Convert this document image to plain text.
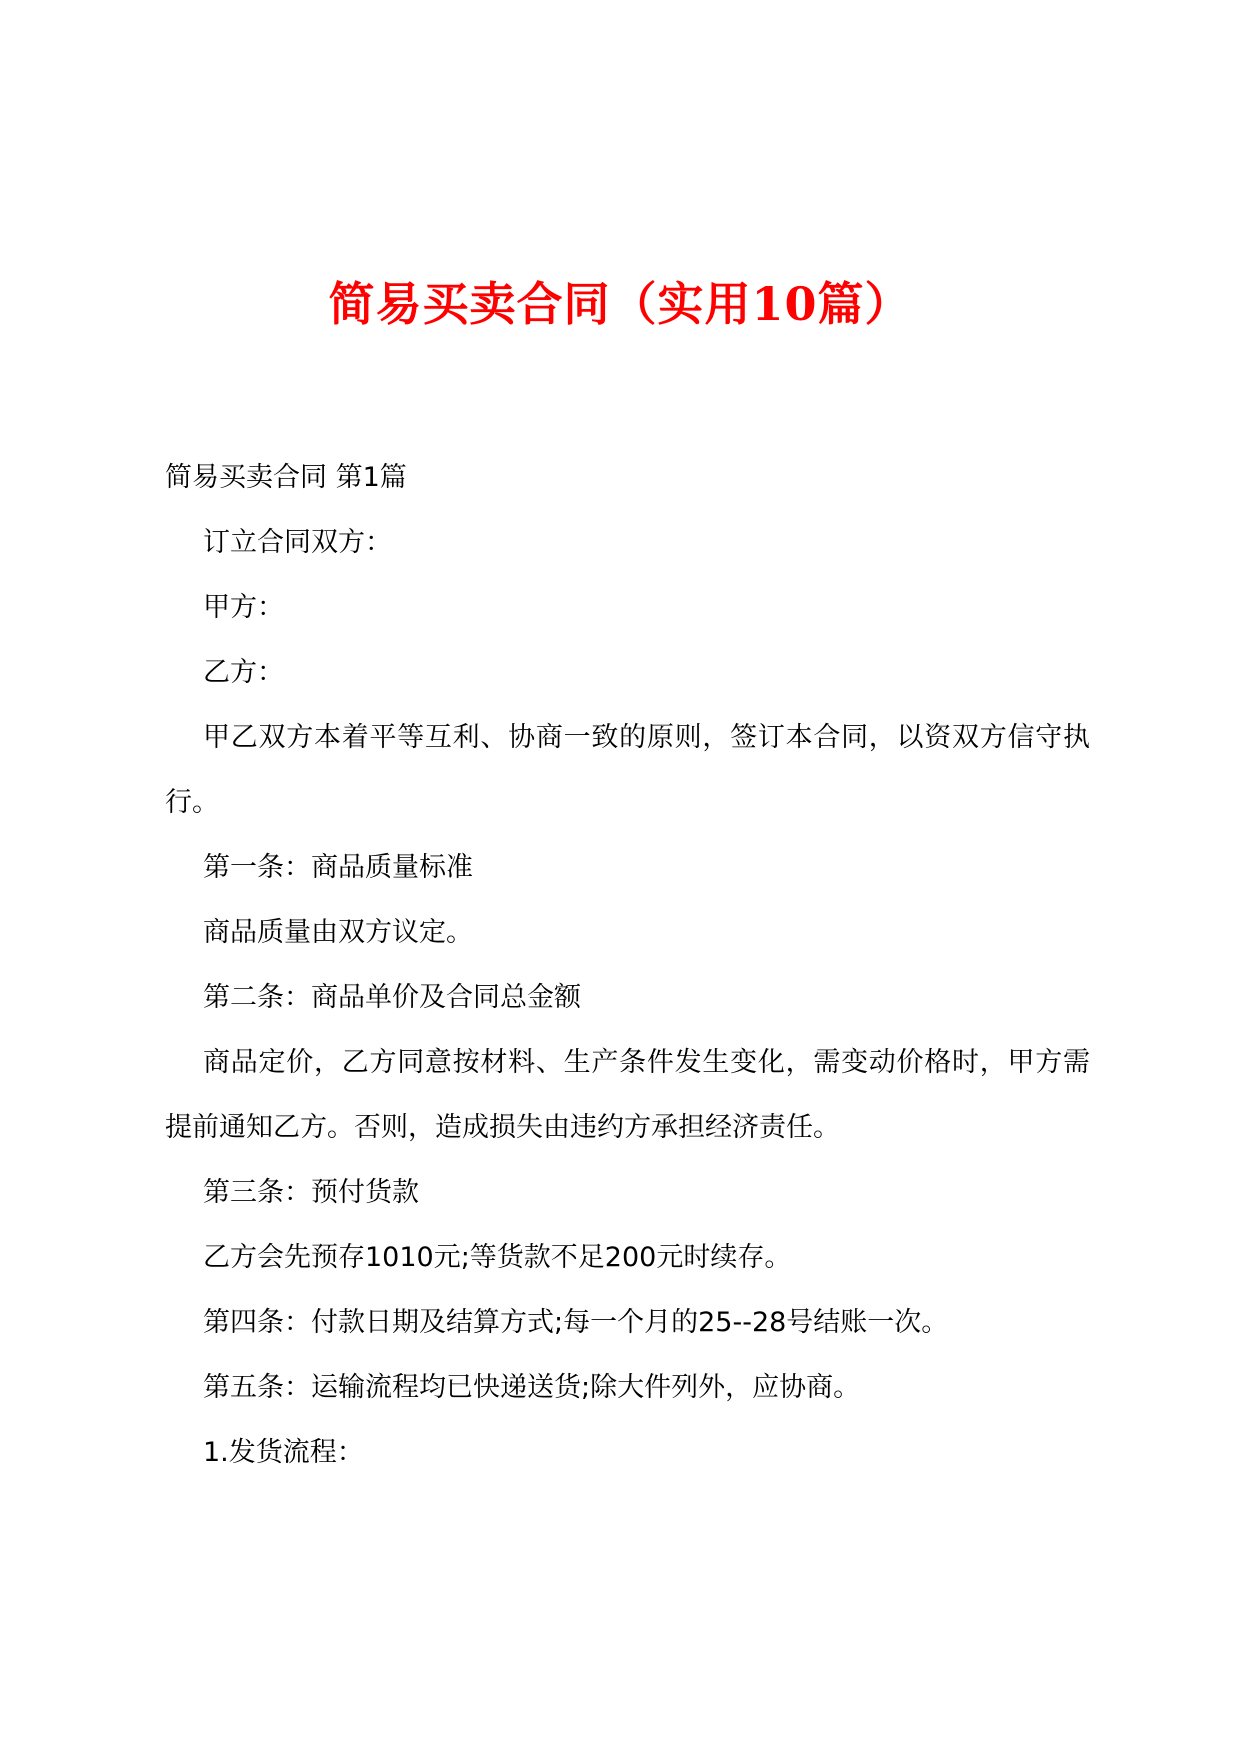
简易买卖合同（实用10篇）

简易买卖合同 第1篇

订立合同双方：

甲方：

乙方：

甲乙双方本着平等互利、协商一致的原则，签订本合同，以资双方信守执行。

第一条：商品质量标准

商品质量由双方议定。

第二条：商品单价及合同总金额

商品定价，乙方同意按材料、生产条件发生变化，需变动价格时，甲方需提前通知乙方。否则，造成损失由违约方承担经济责任。

第三条：预付货款

乙方会先预存1010元;等货款不足200元时续存。

第四条：付款日期及结算方式;每一个月的25--28号结账一次。

第五条：运输流程均已快递送货;除大件列外，应协商。

1.发货流程：
